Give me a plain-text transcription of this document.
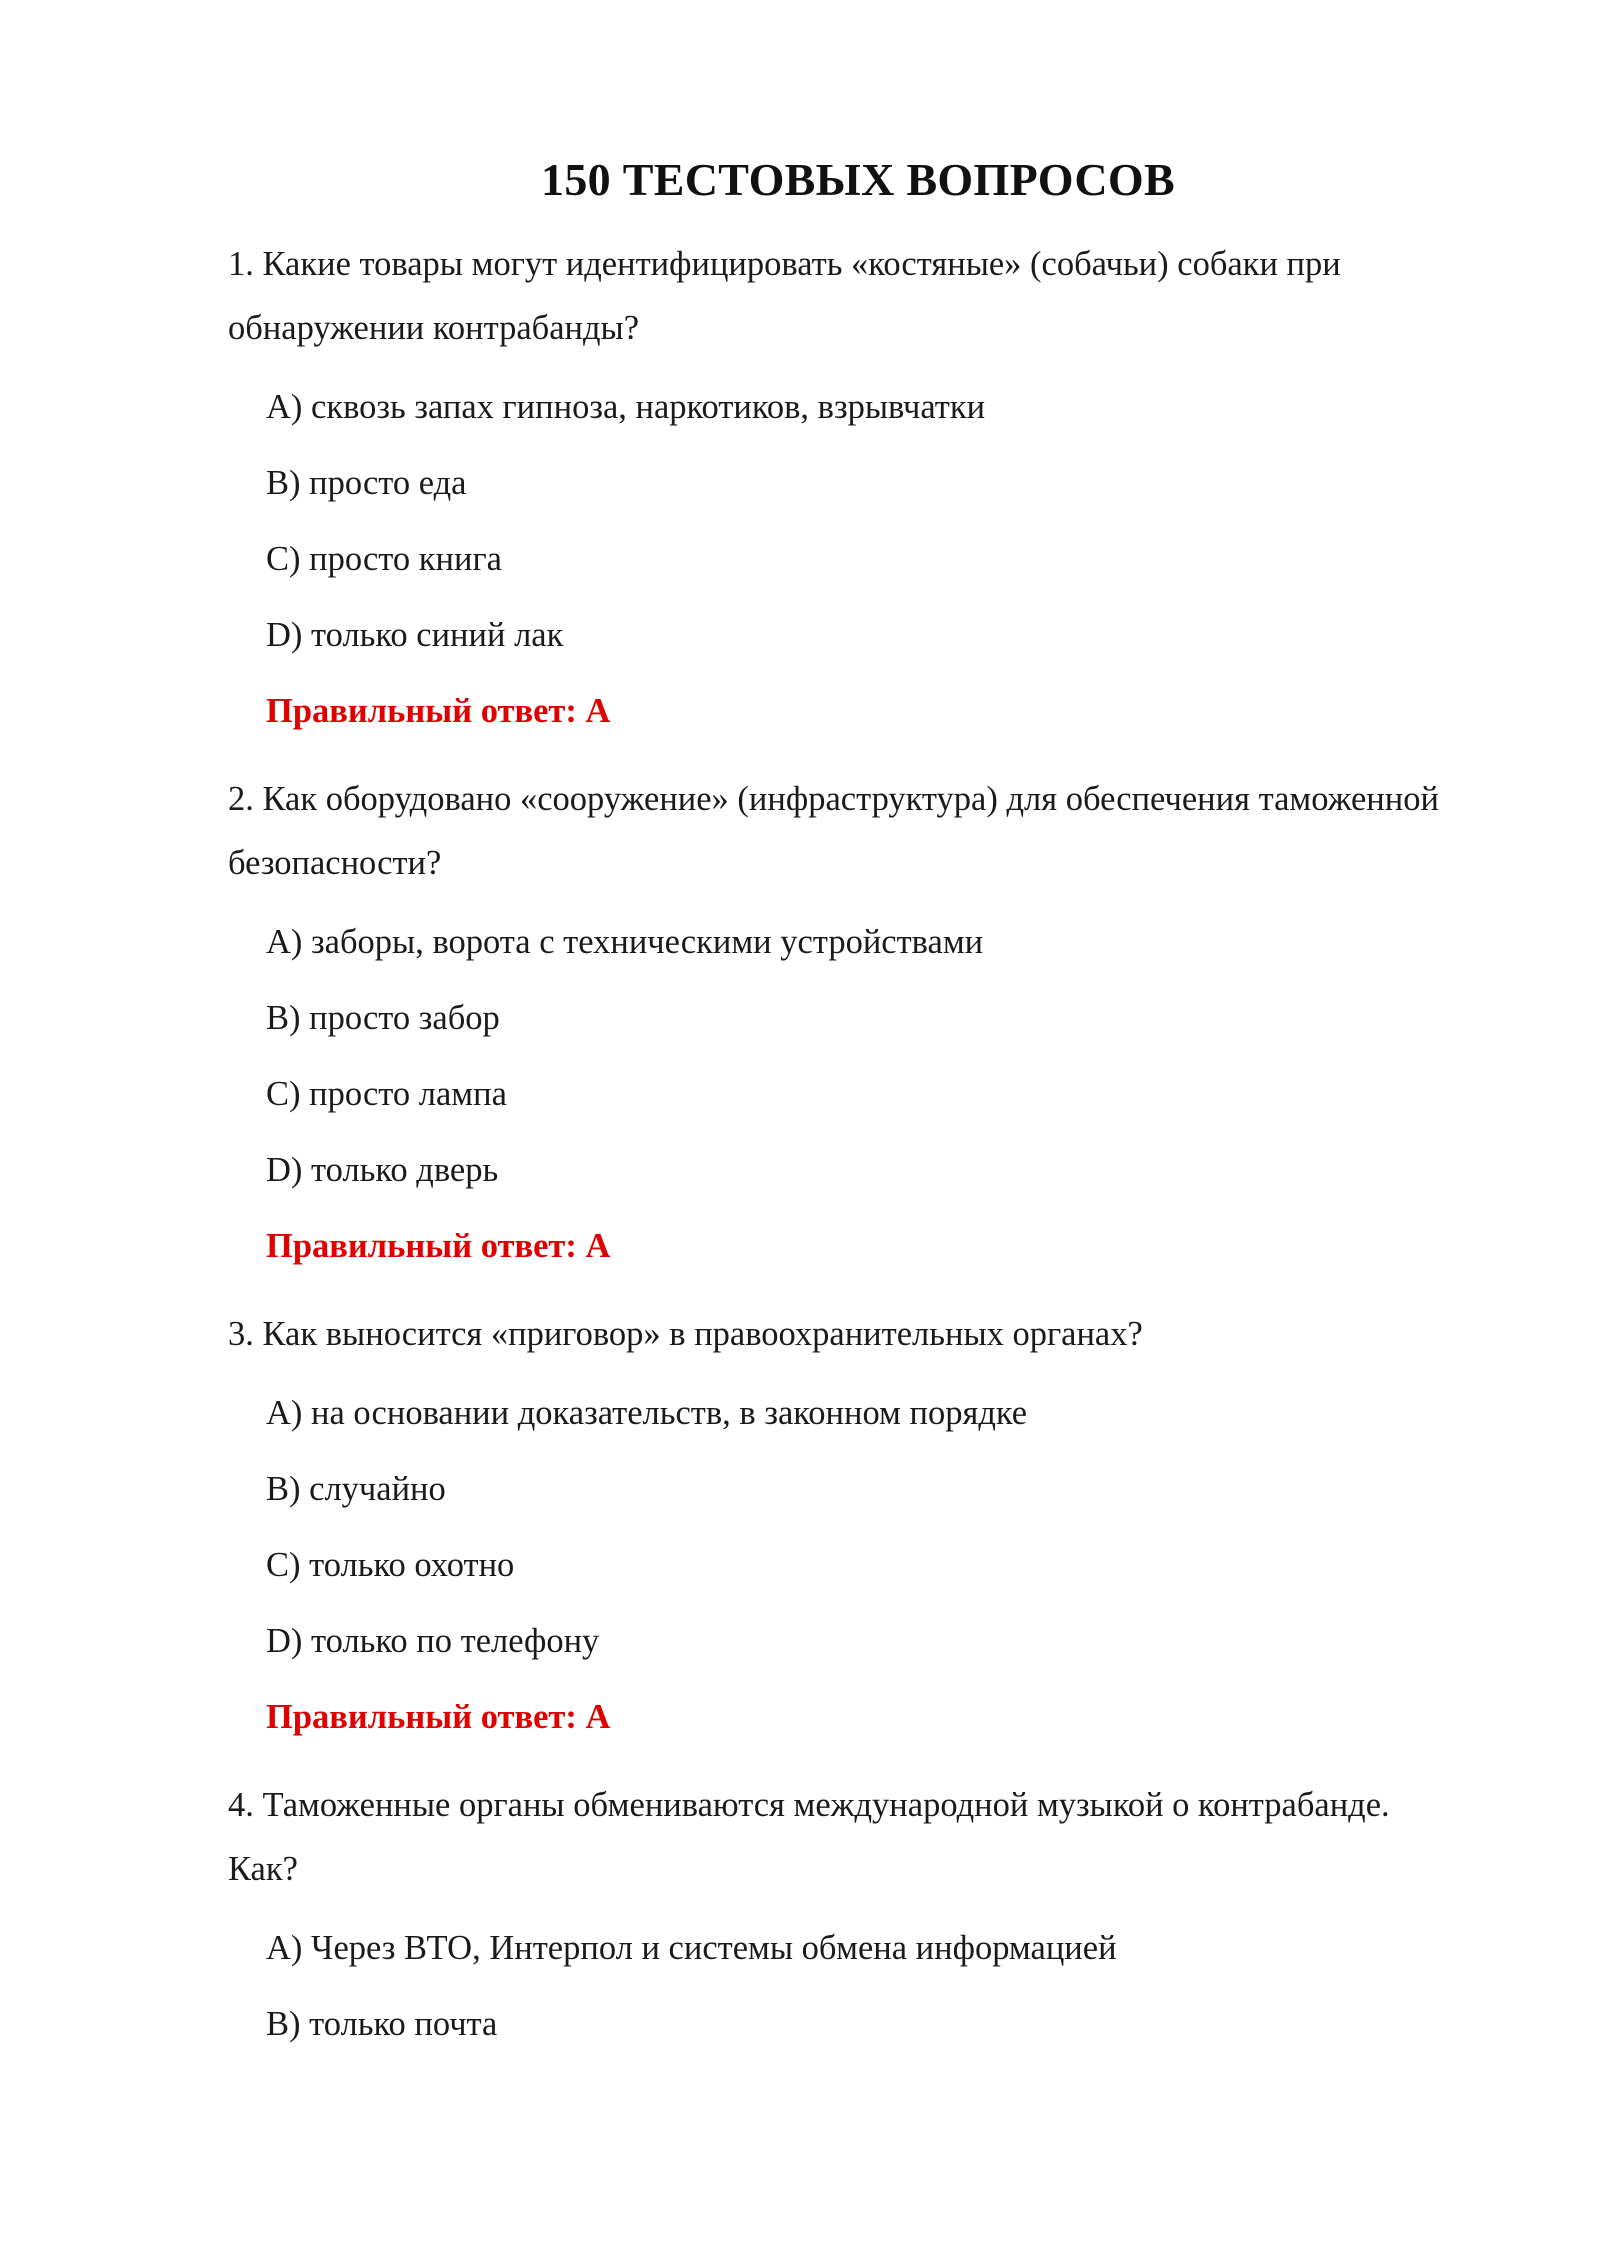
150 ТЕСТОВЫХ ВОПРОСОВ
1. Какие товары могут идентифицировать «костяные» (собачьи) собаки при обнаружении контрабанды?
A) сквозь запах гипноза, наркотиков, взрывчатки
B) просто еда
C) просто книга
D) только синий лак
Правильный ответ: A
2. Как оборудовано «сооружение» (инфраструктура) для обеспечения таможенной безопасности?
A) заборы, ворота с техническими устройствами
B) просто забор
C) просто лампа
D) только дверь
Правильный ответ: A
3. Как выносится «приговор» в правоохранительных органах?
A) на основании доказательств, в законном порядке
B) случайно
C) только охотно
D) только по телефону
Правильный ответ: A
4. Таможенные органы обмениваются международной музыкой о контрабанде. Как?
A) Через ВТО, Интерпол и системы обмена информацией
B) только почта
